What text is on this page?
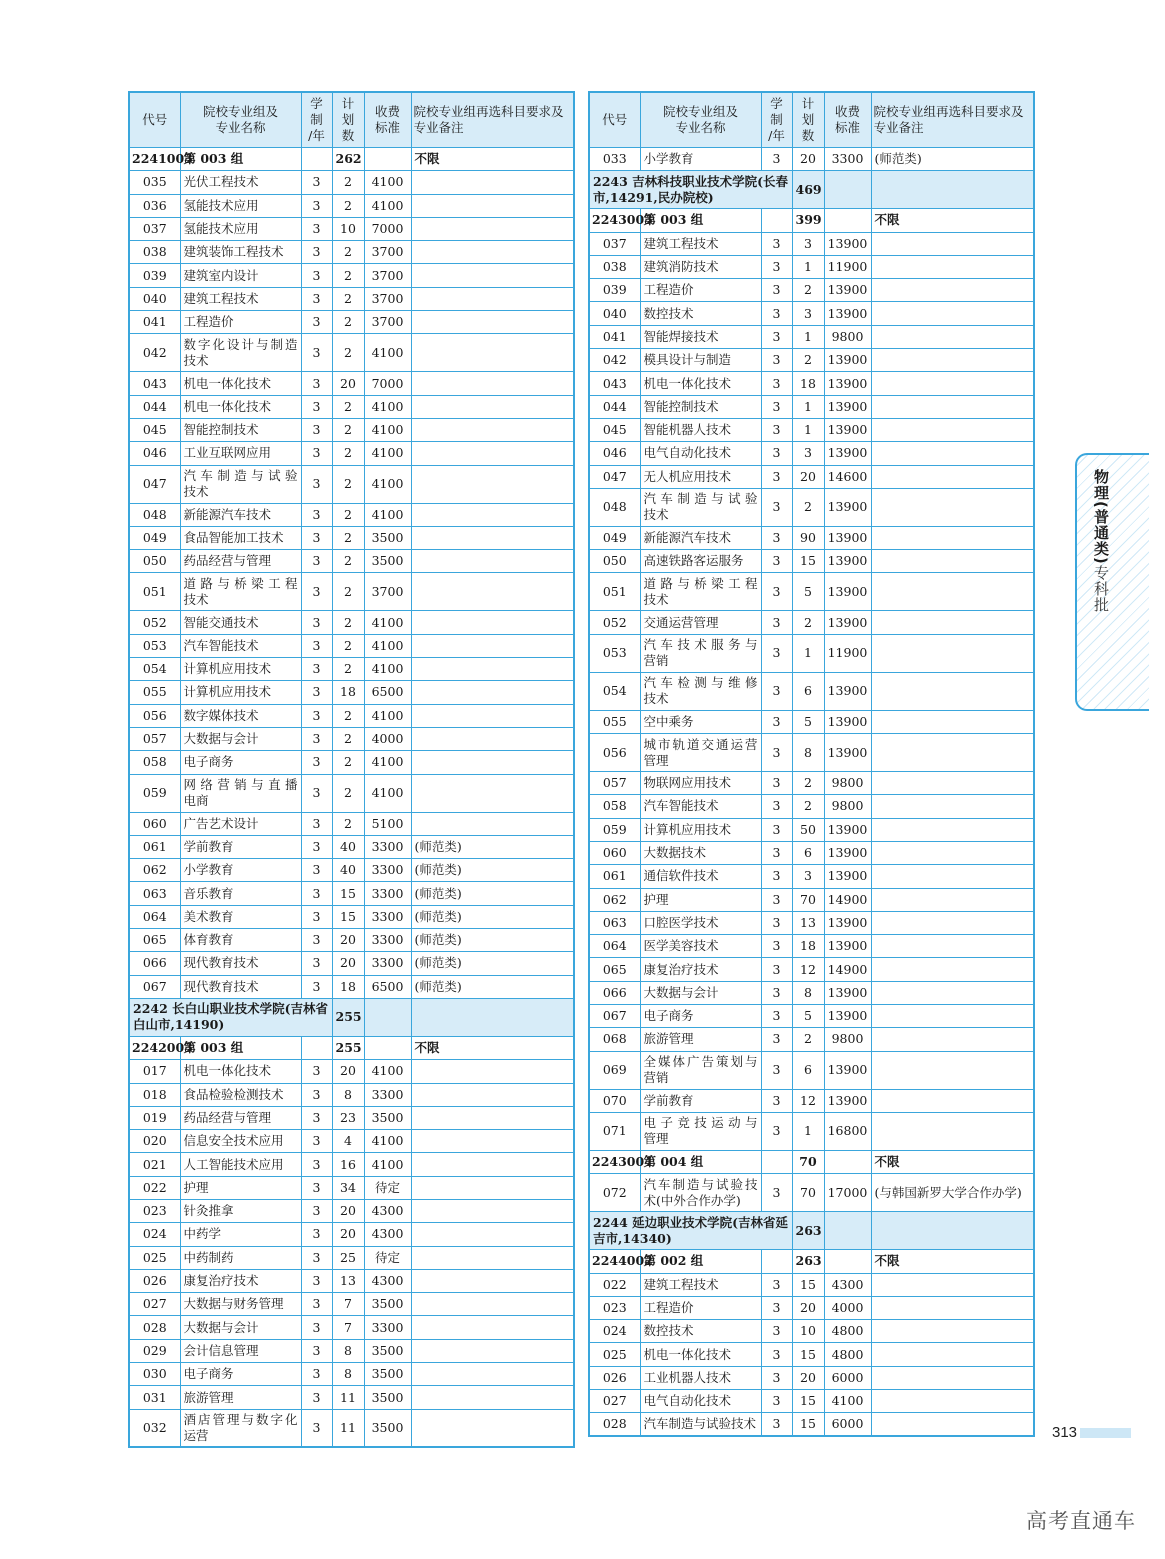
代号	院校专业组及
专业名称	学
制
/年	计
划
数	收费
标准	院校专业组再选科目要求及
专业备注
2241003	第 003 组		262		不限
035	光伏工程技术	3	2	4100	
036	氢能技术应用	3	2	4100	
037	氢能技术应用	3	10	7000	
038	建筑装饰工程技术	3	2	3700	
039	建筑室内设计	3	2	3700	
040	建筑工程技术	3	2	3700	
041	工程造价	3	2	3700	
042	数字化设计与制造
技术	3	2	4100	
043	机电一体化技术	3	20	7000	
044	机电一体化技术	3	2	4100	
045	智能控制技术	3	2	4100	
046	工业互联网应用	3	2	4100	
047	汽车制造与试验
技术	3	2	4100	
048	新能源汽车技术	3	2	4100	
049	食品智能加工技术	3	2	3500	
050	药品经营与管理	3	2	3500	
051	道路与桥梁工程
技术	3	2	3700	
052	智能交通技术	3	2	4100	
053	汽车智能技术	3	2	4100	
054	计算机应用技术	3	2	4100	
055	计算机应用技术	3	18	6500	
056	数字媒体技术	3	2	4100	
057	大数据与会计	3	2	4000	
058	电子商务	3	2	4100	
059	网络营销与直播
电商	3	2	4100	
060	广告艺术设计	3	2	5100	
061	学前教育	3	40	3300	(师范类)
062	小学教育	3	40	3300	(师范类)
063	音乐教育	3	15	3300	(师范类)
064	美术教育	3	15	3300	(师范类)
065	体育教育	3	20	3300	(师范类)
066	现代教育技术	3	20	3300	(师范类)
067	现代教育技术	3	18	6500	(师范类)
2242 长白山职业技术学院(吉林省
白山市,14190)			255		
2242003	第 003 组		255		不限
017	机电一体化技术	3	20	4100	
018	食品检验检测技术	3	8	3300	
019	药品经营与管理	3	23	3500	
020	信息安全技术应用	3	4	4100	
021	人工智能技术应用	3	16	4100	
022	护理	3	34	待定	
023	针灸推拿	3	20	4300	
024	中药学	3	20	4300	
025	中药制药	3	25	待定	
026	康复治疗技术	3	13	4300	
027	大数据与财务管理	3	7	3500	
028	大数据与会计	3	7	3300	
029	会计信息管理	3	8	3500	
030	电子商务	3	8	3500	
031	旅游管理	3	11	3500	
032	酒店管理与数字化
运营	3	11	3500	
代号	院校专业组及
专业名称	学
制
/年	计
划
数	收费
标准	院校专业组再选科目要求及
专业备注
033	小学教育	3	20	3300	(师范类)
2243 吉林科技职业技术学院(长春
市,14291,民办院校)			469		
2243003	第 003 组		399		不限
037	建筑工程技术	3	3	13900	
038	建筑消防技术	3	1	11900	
039	工程造价	3	2	13900	
040	数控技术	3	3	13900	
041	智能焊接技术	3	1	9800	
042	模具设计与制造	3	2	13900	
043	机电一体化技术	3	18	13900	
044	智能控制技术	3	1	13900	
045	智能机器人技术	3	1	13900	
046	电气自动化技术	3	3	13900	
047	无人机应用技术	3	20	14600	
048	汽车制造与试验
技术	3	2	13900	
049	新能源汽车技术	3	90	13900	
050	高速铁路客运服务	3	15	13900	
051	道路与桥梁工程
技术	3	5	13900	
052	交通运营管理	3	2	13900	
053	汽车技术服务与
营销	3	1	11900	
054	汽车检测与维修
技术	3	6	13900	
055	空中乘务	3	5	13900	
056	城市轨道交通运营
管理	3	8	13900	
057	物联网应用技术	3	2	9800	
058	汽车智能技术	3	2	9800	
059	计算机应用技术	3	50	13900	
060	大数据技术	3	6	13900	
061	通信软件技术	3	3	13900	
062	护理	3	70	14900	
063	口腔医学技术	3	13	13900	
064	医学美容技术	3	18	13900	
065	康复治疗技术	3	12	14900	
066	大数据与会计	3	8	13900	
067	电子商务	3	5	13900	
068	旅游管理	3	2	9800	
069	全媒体广告策划与
营销	3	6	13900	
070	学前教育	3	12	13900	
071	电子竞技运动与
管理	3	1	16800	
2243004	第 004 组		70		不限
072	汽车制造与试验技
术(中外合作办学)	3	70	17000	(与韩国新罗大学合作办学)
2244 延边职业技术学院(吉林省延
吉市,14340)			263		
2244002	第 002 组		263		不限
022	建筑工程技术	3	15	4300	
023	工程造价	3	20	4000	
024	数控技术	3	10	4800	
025	机电一体化技术	3	15	4800	
026	工业机器人技术	3	20	6000	
027	电气自动化技术	3	15	4100	
028	汽车制造与试验技术	3	15	6000	
物理(普通类)专科批
313
高考直通车
